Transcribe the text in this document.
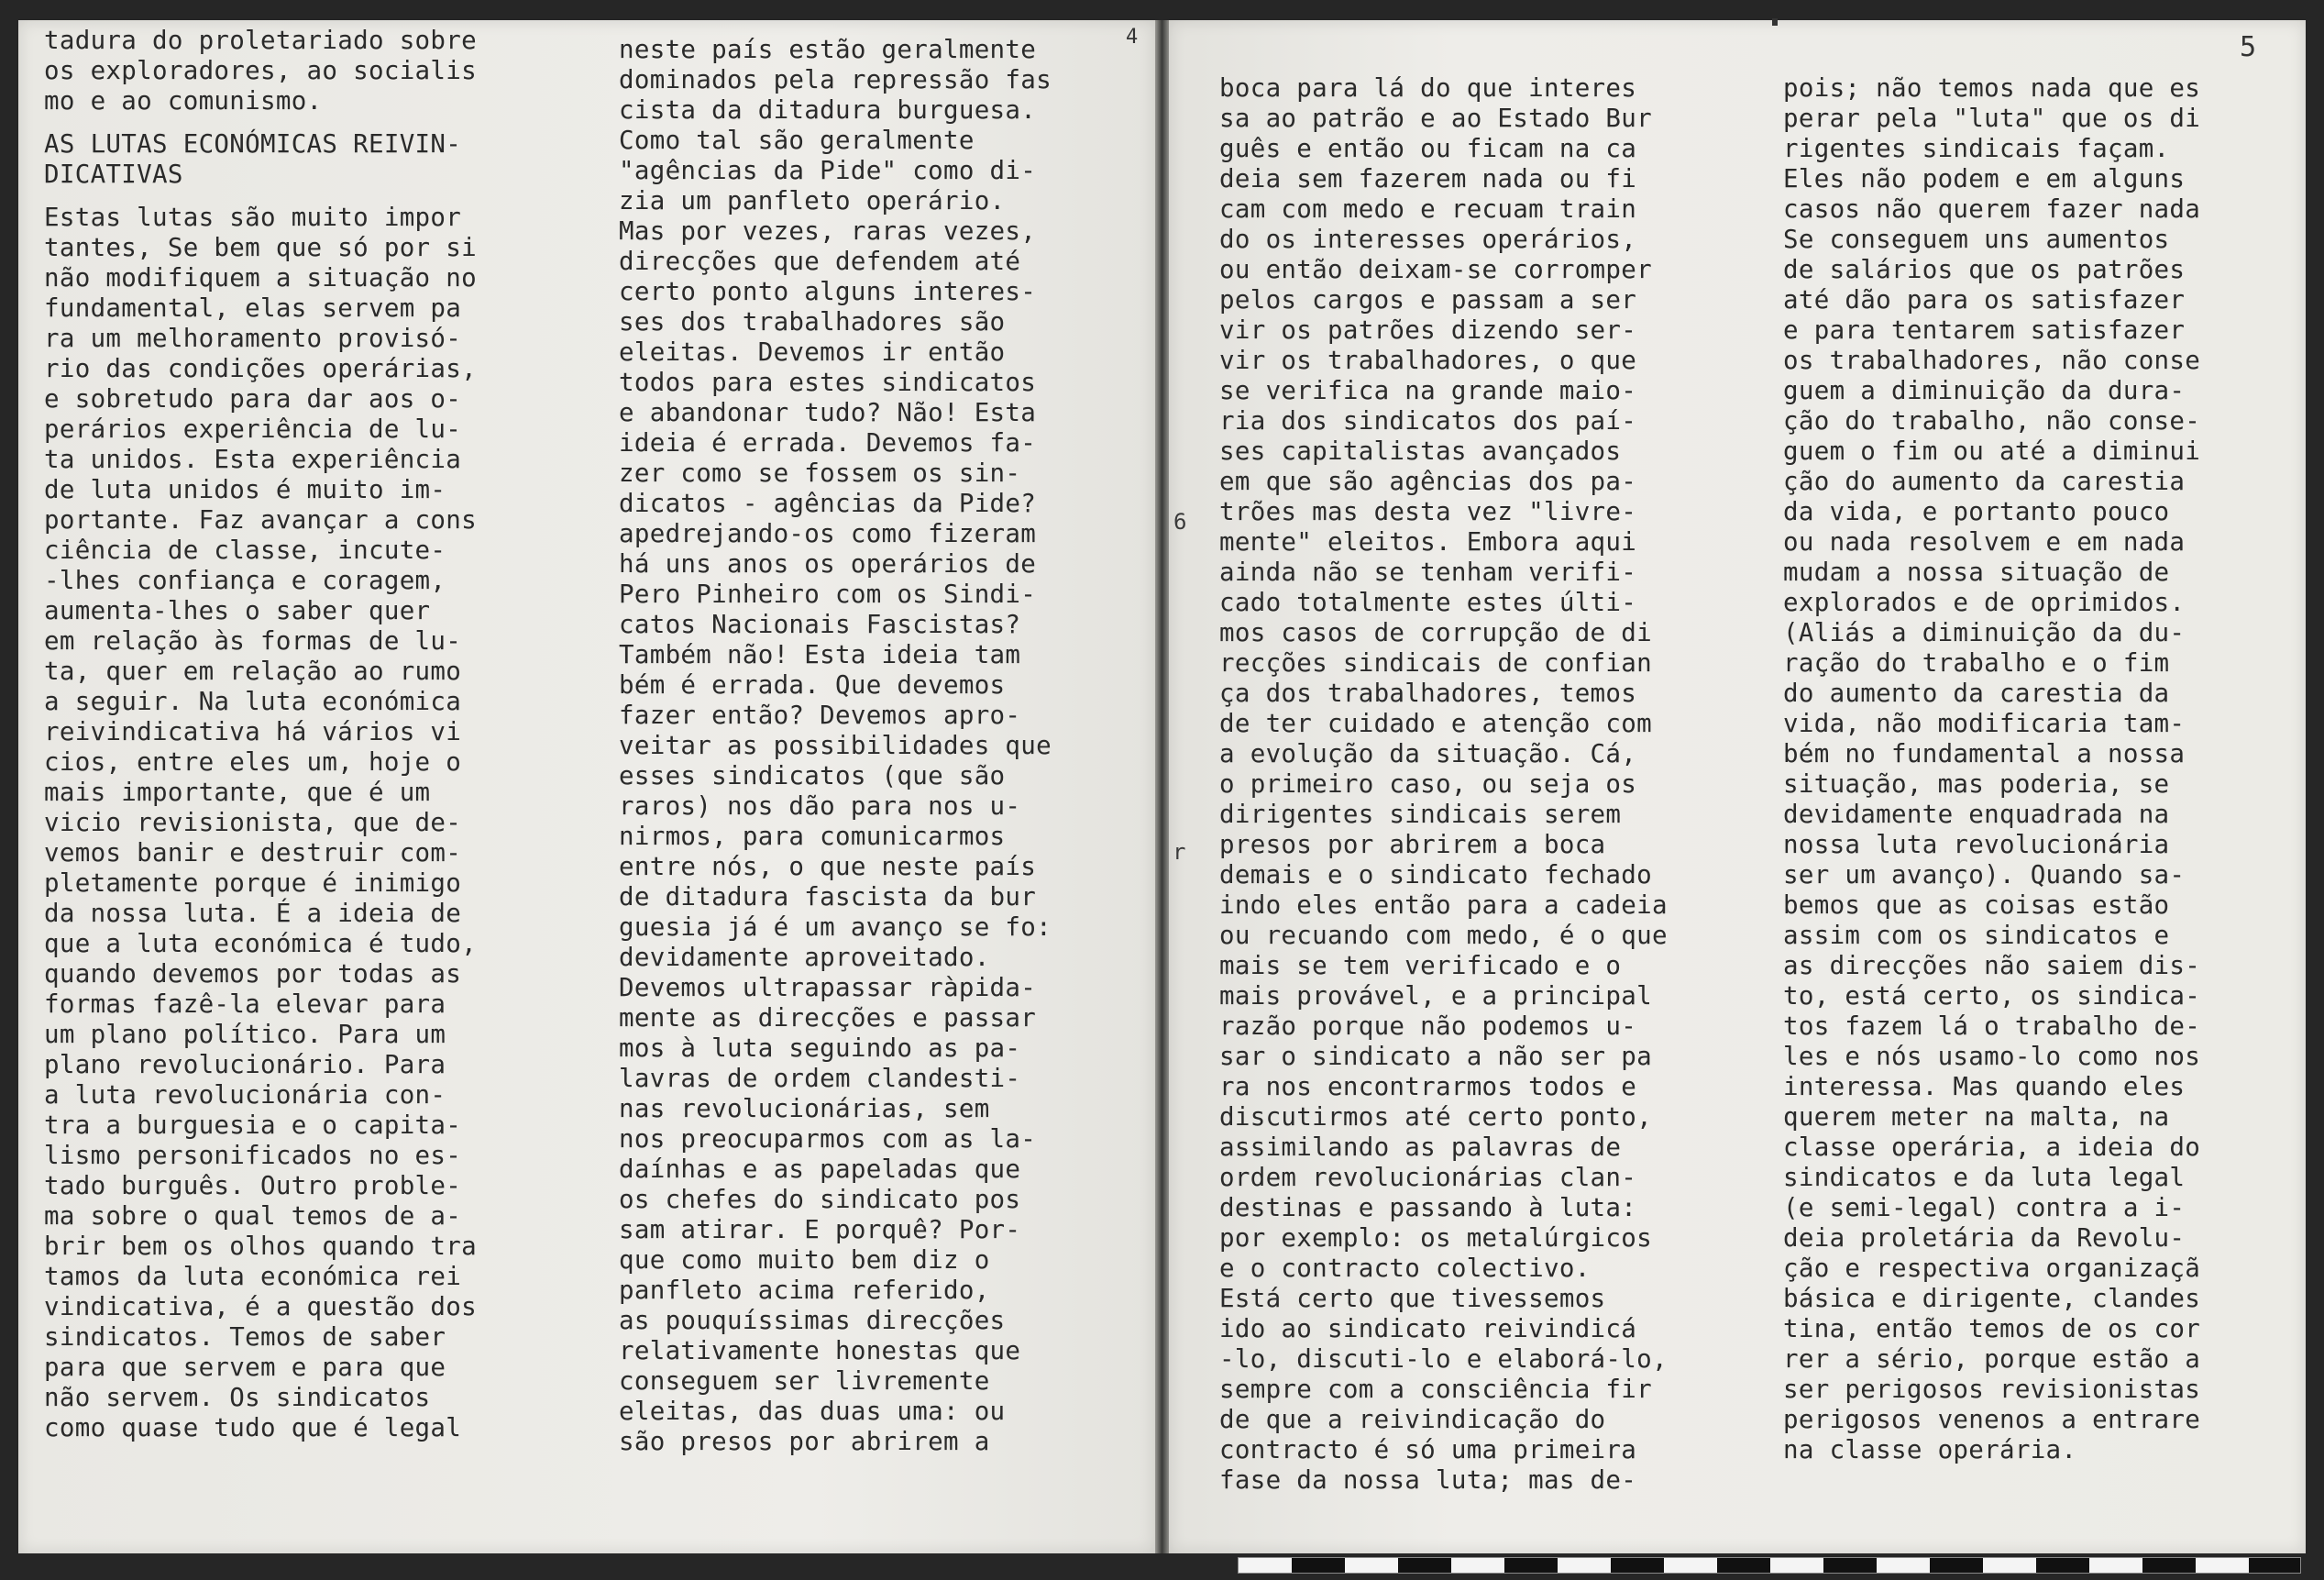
4	5
6
r
tadura do proletariado sobre
os exploradores, ao socialis
mo e ao comunismo.
AS LUTAS ECONÓMICAS REIVIN-
DICATIVAS
Estas lutas são muito impor
tantes, Se bem que só por si
não modifiquem a situação no
fundamental, elas servem pa
ra um melhoramento provisó-
rio das condições operárias,
e sobretudo para dar aos o-
perários experiência de lu-
ta unidos. Esta experiência
de luta unidos é muito im-
portante. Faz avançar a cons
ciência de classe, incute-
-lhes confiança e coragem,
aumenta-lhes o saber quer
em relação às formas de lu-
ta, quer em relação ao rumo
a seguir. Na luta económica
reivindicativa há vários vi
cios, entre eles um, hoje o
mais importante, que é um
vicio revisionista, que de-
vemos banir e destruir com-
pletamente porque é inimigo
da nossa luta. É a ideia de
que a luta económica é tudo,
quando devemos por todas as
formas fazê-la elevar para
um plano político. Para um
plano revolucionário. Para
a luta revolucionária con-
tra a burguesia e o capita-
lismo personificados no es-
tado burguês. Outro proble-
ma sobre o qual temos de a-
brir bem os olhos quando tra
tamos da luta económica rei
vindicativa, é a questão dos
sindicatos. Temos de saber
para que servem e para que
não servem. Os sindicatos
como quase tudo que é legal
neste país estão geralmente
dominados pela repressão fas
cista da ditadura burguesa.
Como tal são geralmente
"agências da Pide" como di-
zia um panfleto operário.
Mas por vezes, raras vezes,
direcções que defendem até
certo ponto alguns interes-
ses dos trabalhadores são
eleitas. Devemos ir então
todos para estes sindicatos
e abandonar tudo? Não! Esta
ideia é errada. Devemos fa-
zer como se fossem os sin-
dicatos - agências da Pide?
apedrejando-os como fizeram
há uns anos os operários de
Pero Pinheiro com os Sindi-
catos Nacionais Fascistas?
Também não! Esta ideia tam
bém é errada. Que devemos
fazer então? Devemos apro-
veitar as possibilidades que
esses sindicatos (que são
raros) nos dão para nos u-
nirmos, para comunicarmos
entre nós, o que neste país
de ditadura fascista da bur
guesia já é um avanço se fo:
devidamente aproveitado.
Devemos ultrapassar ràpida-
mente as direcções e passar
mos à luta seguindo as pa-
lavras de ordem clandesti-
nas revolucionárias, sem
nos preocuparmos com as la-
daínhas e as papeladas que
os chefes do sindicato pos
sam atirar. E porquê? Por-
que como muito bem diz o
panfleto acima referido,
as pouquíssimas direcções
relativamente honestas que
conseguem ser livremente
eleitas, das duas uma: ou
são presos por abrirem a
boca para lá do que interes
sa ao patrão e ao Estado Bur
guês e então ou ficam na ca
deia sem fazerem nada ou fi
cam com medo e recuam train
do os interesses operários,
ou então deixam-se corromper
pelos cargos e passam a ser
vir os patrões dizendo ser-
vir os trabalhadores, o que
se verifica na grande maio-
ria dos sindicatos dos paí-
ses capitalistas avançados
em que são agências dos pa-
trões mas desta vez "livre-
mente" eleitos. Embora aqui
ainda não se tenham verifi-
cado totalmente estes últi-
mos casos de corrupção de di
recções sindicais de confian
ça dos trabalhadores, temos
de ter cuidado e atenção com
a evolução da situação. Cá,
o primeiro caso, ou seja os
dirigentes sindicais serem
presos por abrirem a boca
demais e o sindicato fechado
indo eles então para a cadeia
ou recuando com medo, é o que
mais se tem verificado e o
mais provável, e a principal
razão porque não podemos u-
sar o sindicato a não ser pa
ra nos encontrarmos todos e
discutirmos até certo ponto,
assimilando as palavras de
ordem revolucionárias clan-
destinas e passando à luta:
por exemplo: os metalúrgicos
e o contracto colectivo.
Está certo que tivessemos
ido ao sindicato reivindicá
-lo, discuti-lo e elaborá-lo,
sempre com a consciência fir
de que a reivindicação do
contracto é só uma primeira
fase da nossa luta; mas de-
pois; não temos nada que es
perar pela "luta" que os di
rigentes sindicais façam.
Eles não podem e em alguns
casos não querem fazer nada
Se conseguem uns aumentos
de salários que os patrões
até dão para os satisfazer
e para tentarem satisfazer
os trabalhadores, não conse
guem a diminuição da dura-
ção do trabalho, não conse-
guem o fim ou até a diminui
ção do aumento da carestia
da vida, e portanto pouco
ou nada resolvem e em nada
mudam a nossa situação de
explorados e de oprimidos.
(Aliás a diminuição da du-
ração do trabalho e o fim
do aumento da carestia da
vida, não modificaria tam-
bém no fundamental a nossa
situação, mas poderia, se
devidamente enquadrada na
nossa luta revolucionária
ser um avanço). Quando sa-
bemos que as coisas estão
assim com os sindicatos e
as direcções não saiem dis-
to, está certo, os sindica-
tos fazem lá o trabalho de-
les e nós usamo-lo como nos
interessa. Mas quando eles
querem meter na malta, na
classe operária, a ideia do
sindicatos e da luta legal
(e semi-legal) contra a i-
deia proletária da Revolu-
ção e respectiva organizaçã
básica e dirigente, clandes
tina, então temos de os cor
rer a sério, porque estão a
ser perigosos revisionistas
perigosos venenos a entrare
na classe operária.
